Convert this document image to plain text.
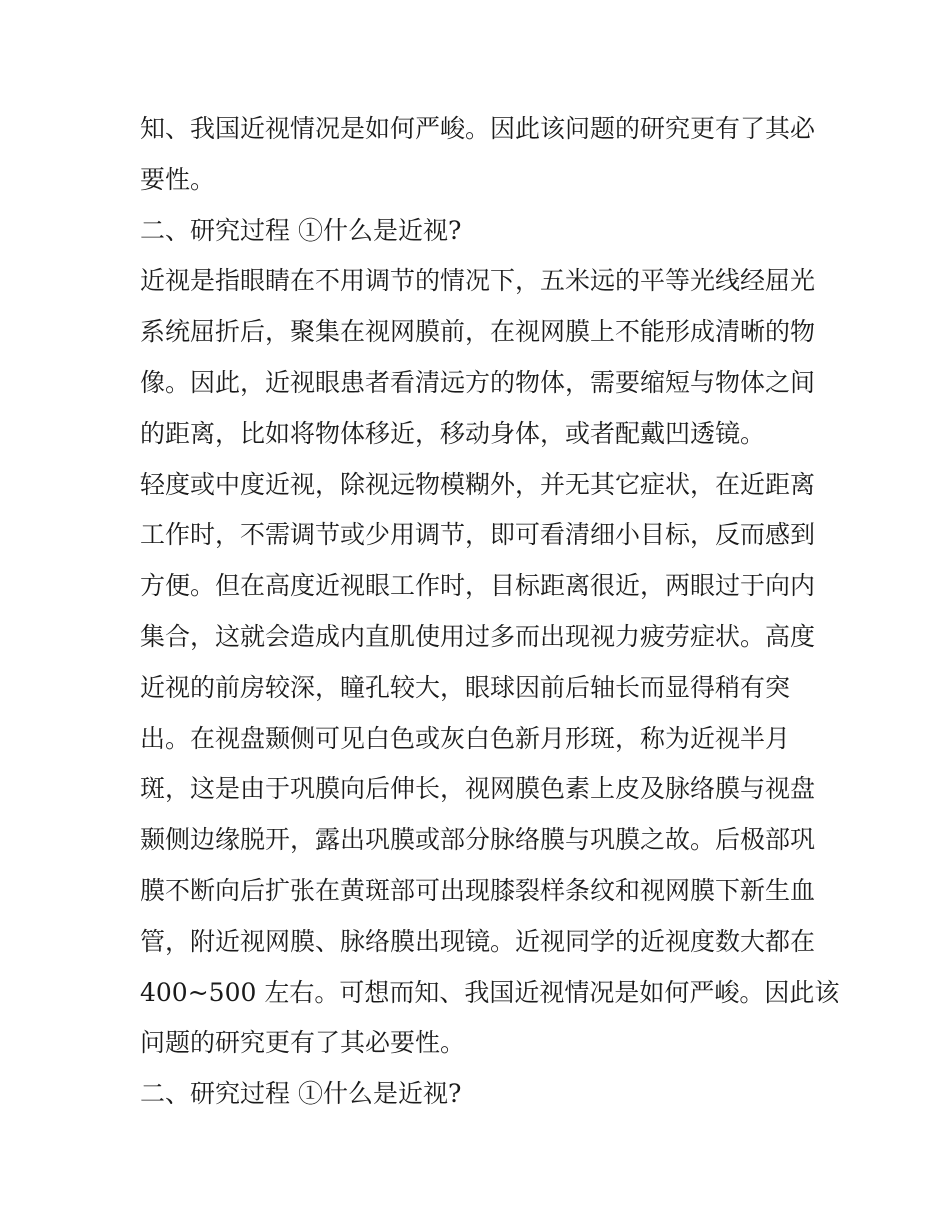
知、我国近视情况是如何严峻。因此该问题的研究更有了其必
要性。
二、研究过程 ①什么是近视?
近视是指眼睛在不用调节的情况下，五米远的平等光线经屈光
系统屈折后，聚集在视网膜前，在视网膜上不能形成清晰的物
像。因此，近视眼患者看清远方的物体，需要缩短与物体之间
的距离，比如将物体移近，移动身体，或者配戴凹透镜。
轻度或中度近视，除视远物模糊外，并无其它症状，在近距离
工作时，不需调节或少用调节，即可看清细小目标，反而感到
方便。但在高度近视眼工作时，目标距离很近，两眼过于向内
集合，这就会造成内直肌使用过多而出现视力疲劳症状。高度
近视的前房较深，瞳孔较大，眼球因前后轴长而显得稍有突
出。在视盘颞侧可见白色或灰白色新月形斑，称为近视半月
斑，这是由于巩膜向后伸长，视网膜色素上皮及脉络膜与视盘
颞侧边缘脱开，露出巩膜或部分脉络膜与巩膜之故。后极部巩
膜不断向后扩张在黄斑部可出现膝裂样条纹和视网膜下新生血
管，附近视网膜、脉络膜出现镜。近视同学的近视度数大都在
400~500 左右。可想而知、我国近视情况是如何严峻。因此该
问题的研究更有了其必要性。
二、研究过程 ①什么是近视?
